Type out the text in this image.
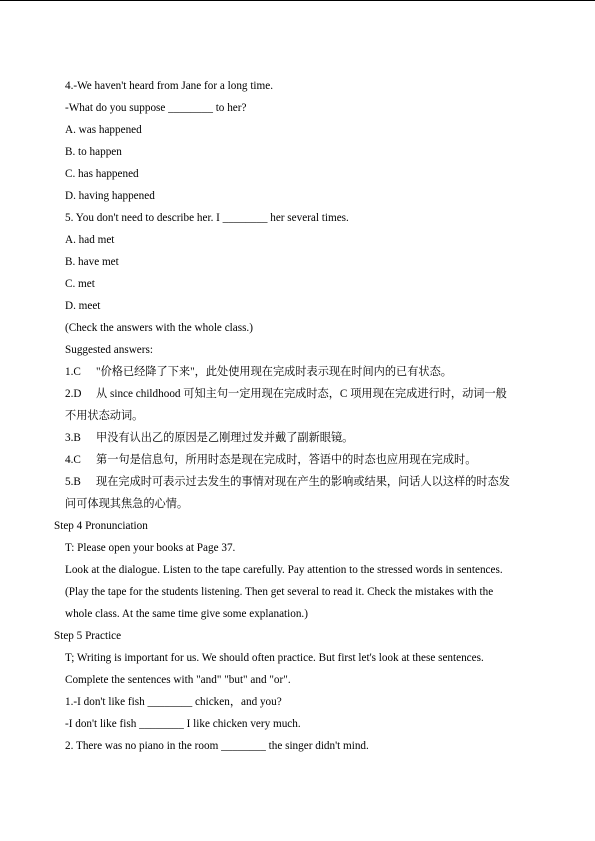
4.-We haven't heard from Jane for a long time.
-What do you suppose ________ to her?
A. was happened
B. to happen
C. has happened
D. having happened
5. You don't need to describe her. I ________ her several times.
A. had met
B. have met
C. met
D. meet
(Check the answers with the whole class.)
Suggested answers:
1.C	"价格已经降了下来"，此处使用现在完成时表示现在时间内的已有状态。
2.D	从 since childhood 可知主句一定用现在完成时态，C 项用现在完成进行时，动词一般
不用状态动词。
3.B	甲没有认出乙的原因是乙刚理过发并戴了副新眼镜。
4.C	第一句是信息句，所用时态是现在完成时，答语中的时态也应用现在完成时。
5.B	现在完成时可表示过去发生的事情对现在产生的影响或结果，问话人以这样的时态发
问可体现其焦急的心情。
Step 4 Pronunciation
T: Please open your books at Page 37.
Look at the dialogue. Listen to the tape carefully. Pay attention to the stressed words in sentences.
(Play the tape for the students listening. Then get several to read it. Check the mistakes with the
whole class. At the same time give some explanation.)
Step 5 Practice
T; Writing is important for us. We should often practice. But first let's look at these sentences.
Complete the sentences with "and" "but" and "or".
1.-I don't like fish ________ chicken，and you?
-I don't like fish ________ I like chicken very much.
2. There was no piano in the room ________ the singer didn't mind.
